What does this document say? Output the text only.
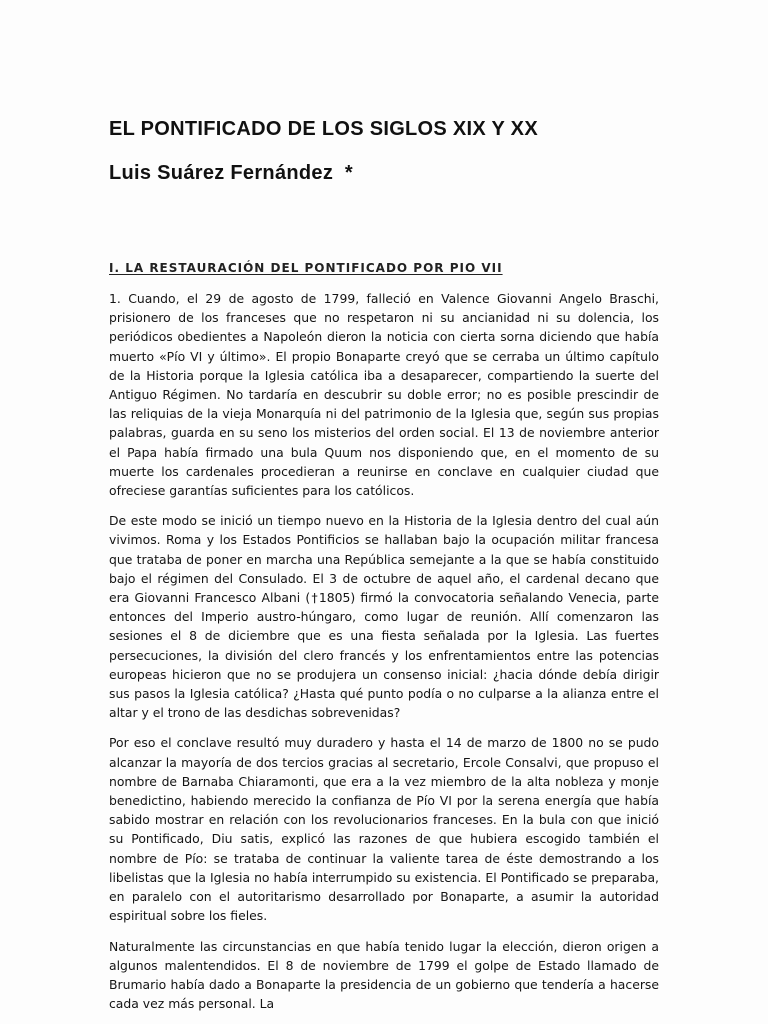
EL PONTIFICADO DE LOS SIGLOS XIX Y XX
Luis Suárez Fernández  *
I. LA RESTAURACIÓN DEL PONTIFICADO POR PIO VII

1. Cuando, el 29 de agosto de 1799, falleció en Valence Giovanni Angelo Braschi, prisionero de los franceses que no respetaron ni su ancianidad ni su dolencia, los periódicos obedientes a Napoleón dieron la noticia con cierta sorna diciendo que había muerto «Pío VI y último». El propio Bonaparte creyó que se cerraba un último capítulo de la Historia porque la Iglesia católica iba a desaparecer, compartiendo la suerte del Antiguo Régimen. No tardaría en descubrir su doble error; no es posible prescindir de las reliquias de la vieja Monarquía ni del patrimonio de la Iglesia que, según sus propias palabras, guarda en su seno los misterios del orden social. El 13 de noviembre anterior el Papa había firmado una bula Quum nos disponiendo que, en el momento de su muerte los cardenales procedieran a reunirse en conclave en cualquier ciudad que ofreciese garantías suficientes para los católicos.

De este modo se inició un tiempo nuevo en la Historia de la Iglesia dentro del cual aún vivimos. Roma y los Estados Pontificios se hallaban bajo la ocupación militar francesa que trataba de poner en marcha una República semejante a la que se había constituido bajo el régimen del Consulado. El 3 de octubre de aquel año, el cardenal decano que era Giovanni Francesco Albani (†1805) firmó la convocatoria señalando Venecia, parte entonces del Imperio austro-húngaro, como lugar de reunión. Allí comenzaron las sesiones el 8 de diciembre que es una fiesta señalada por la Iglesia. Las fuertes persecuciones, la división del clero francés y los enfrentamientos entre las potencias europeas hicieron que no se produjera un consenso inicial: ¿hacia dónde debía dirigir sus pasos la Iglesia católica? ¿Hasta qué punto podía o no culparse a la alianza entre el altar y el trono de las desdichas sobrevenidas?

Por eso el conclave resultó muy duradero y hasta el 14 de marzo de 1800 no se pudo alcanzar la mayoría de dos tercios gracias al secretario, Ercole Consalvi, que propuso el nombre de Barnaba Chiaramonti, que era a la vez miembro de la alta nobleza y monje benedictino, habiendo merecido la confianza de Pío VI por la serena energía que había sabido mostrar en relación con los revolucionarios franceses. En la bula con que inició su Pontificado, Diu satis, explicó las razones de que hubiera escogido también el nombre de Pío: se trataba de continuar la valiente tarea de éste demostrando a los libelistas que la Iglesia no había interrumpido su existencia. El Pontificado se preparaba, en paralelo con el autoritarismo desarrollado por Bonaparte, a asumir la autoridad espiritual sobre los fieles.

Naturalmente las circunstancias en que había tenido lugar la elección, dieron origen a algunos malentendidos. El 8 de noviembre de 1799 el golpe de Estado llamado de Brumario había dado a Bonaparte la presidencia de un gobierno que tendería a hacerse cada vez más personal. La
